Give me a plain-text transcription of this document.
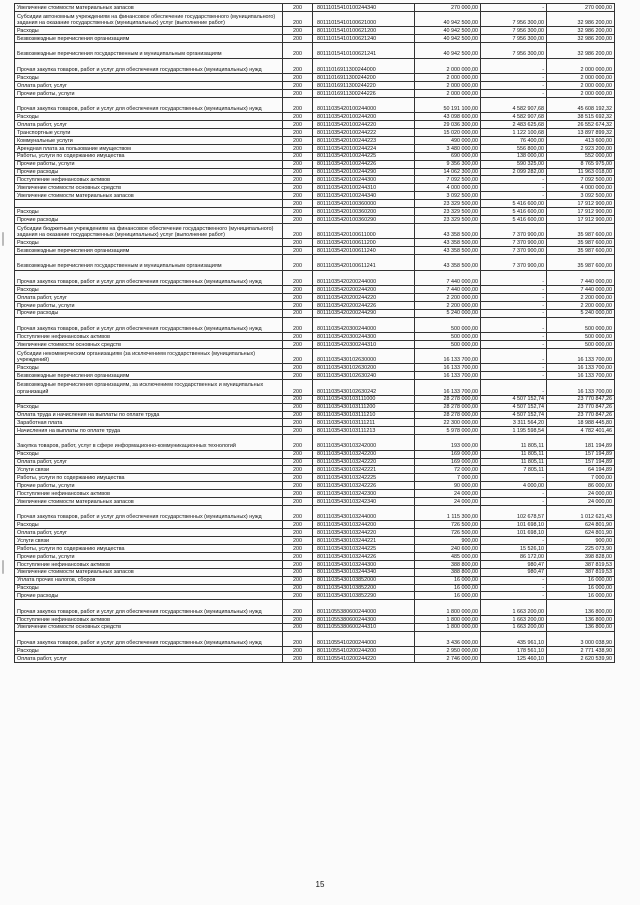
Увеличение стоимости материальных запасов	200	80111015410100244340	270 000,00	-	270 000,00
Субсидии автономным учреждениям на финансовое обеспечение государственного (муниципального) задания на оказание государственных (муниципальных) услуг (выполнение работ)	200	80111015410100621000	40 942 500,00	7 956 300,00	32 986 200,00
Расходы	200	80111015410100621200	40 942 500,00	7 956 300,00	32 986 200,00
Безвозмездные перечисления организациям	200	80111015410100621240	40 942 500,00	7 956 300,00	32 986 200,00
Безвозмездные перечисления государственным и муниципальным организациям	200	80111015410100621241	40 942 500,00	7 956 300,00	32 986 200,00
Прочая закупка товаров, работ и услуг для обеспечения государственных (муниципальных) нужд	200	80111016911300244000	2 000 000,00	-	2 000 000,00
Расходы	200	80111016911300244200	2 000 000,00	-	2 000 000,00
Оплата работ, услуг	200	80111016911300244220	2 000 000,00	-	2 000 000,00
Прочие работы, услуги	200	80111016911300244226	2 000 000,00	-	2 000 000,00
Прочая закупка товаров, работ и услуг для обеспечения государственных (муниципальных) нужд	200	80111035420100244000	50 191 100,00	4 582 907,68	45 608 192,32
Расходы	200	80111035420100244200	43 098 600,00	4 582 907,68	38 515 692,32
Оплата работ, услуг	200	80111035420100244220	29 036 300,00	2 483 625,68	26 552 674,32
Транспортные услуги	200	80111035420100244222	15 020 000,00	1 122 100,68	13 897 899,32
Коммунальные услуги	200	80111035420100244223	490 000,00	76 400,00	413 600,00
Арендная плата за пользование имуществом	200	80111035420100244224	3 480 000,00	556 800,00	2 923 200,00
Работы, услуги по содержанию имущества	200	80111035420100244225	690 000,00	138 000,00	552 000,00
Прочие работы, услуги	200	80111035420100244226	9 356 300,00	590 325,00	8 765 975,00
Прочие расходы	200	80111035420100244290	14 062 300,00	2 099 282,00	11 963 018,00
Поступление нефинансовых активов	200	80111035420100244300	7 092 500,00	-	7 092 500,00
Увеличение стоимости основных средств	200	80111035420100244310	4 000 000,00	-	4 000 000,00
Увеличение стоимости материальных запасов	200	80111035420100244340	3 092 500,00	-	3 092 500,00
	200	80111035420100360000	23 329 500,00	5 416 600,00	17 912 900,00
Расходы	200	80111035420100360200	23 329 500,00	5 416 600,00	17 912 900,00
Прочие расходы	200	80111035420100360290	23 329 500,00	5 416 600,00	17 912 900,00
Субсидии бюджетным учреждениям на финансовое обеспечение государственного (муниципального) задания на оказание государственных (муниципальных) услуг (выполнение работ)	200	80111035420100611000	43 358 500,00	7 370 900,00	35 987 600,00
Расходы	200	80111035420100611200	43 358 500,00	7 370 900,00	35 987 600,00
Безвозмездные перечисления организациям	200	80111035420100611240	43 358 500,00	7 370 900,00	35 987 600,00
Безвозмездные перечисления государственным и муниципальным организациям	200	80111035420100611241	43 358 500,00	7 370 900,00	35 987 600,00
Прочая закупка товаров, работ и услуг для обеспечения государственных (муниципальных) нужд	200	80111035420200244000	7 440 000,00	-	7 440 000,00
Расходы	200	80111035420200244200	7 440 000,00	-	7 440 000,00
Оплата работ, услуг	200	80111035420200244220	2 200 000,00	-	2 200 000,00
Прочие работы, услуги	200	80111035420200244226	2 200 000,00	-	2 200 000,00
Прочие расходы	200	80111035420200244290	5 240 000,00	-	5 240 000,00
Прочая закупка товаров, работ и услуг для обеспечения государственных (муниципальных) нужд	200	80111035420300244000	500 000,00	-	500 000,00
Поступление нефинансовых активов	200	80111035420300244300	500 000,00	-	500 000,00
Увеличение стоимости основных средств	200	80111035420300244310	500 000,00	-	500 000,00
Субсидии некоммерческим организациям (за исключением государственных (муниципальных) учреждений)	200	80111035430102630000	16 133 700,00	-	16 133 700,00
Расходы	200	80111035430102630200	16 133 700,00	-	16 133 700,00
Безвозмездные перечисления организациям	200	80111035430102630240	16 133 700,00	-	16 133 700,00
Безвозмездные перечисления организациям, за исключением государственных и муниципальных организаций	200	80111035430102630242	16 133 700,00	-	16 133 700,00
	200	80111035430103111000	28 278 000,00	4 507 152,74	23 770 847,26
Расходы	200	80111035430103111200	28 278 000,00	4 507 152,74	23 770 847,26
Оплата труда и начисления на выплаты по оплате труда	200	80111035430103111210	28 278 000,00	4 507 152,74	23 770 847,26
Заработная плата	200	80111035430103111211	22 300 000,00	3 311 564,20	18 988 445,80
Начисления на выплаты по оплате труда	200	80111035430103111213	5 978 000,00	1 195 598,54	4 782 401,46
Закупка товаров, работ, услуг в сфере информационно-коммуникационных технологий	200	80111035430103242000	193 000,00	11 805,11	181 194,89
Расходы	200	80111035430103242200	169 000,00	11 805,11	157 194,89
Оплата работ, услуг	200	80111035430103242220	169 000,00	11 805,11	157 194,89
Услуги связи	200	80111035430103242221	72 000,00	7 805,11	64 194,89
Работы, услуги по содержанию имущества	200	80111035430103242225	7 000,00	-	7 000,00
Прочие работы, услуги	200	80111035430103242226	90 000,00	4 000,00	86 000,00
Поступление нефинансовых активов	200	80111035430103242300	24 000,00	-	24 000,00
Увеличение стоимости материальных запасов	200	80111035430103242340	24 000,00	-	24 000,00
Прочая закупка товаров, работ и услуг для обеспечения государственных (муниципальных) нужд	200	80111035430103244000	1 115 300,00	102 678,57	1 012 621,43
Расходы	200	80111035430103244200	726 500,00	101 698,10	624 801,90
Оплата работ, услуг	200	80111035430103244220	726 500,00	101 698,10	624 801,90
Услуги связи	200	80111035430103244221	900,00	-	900,00
Работы, услуги по содержанию имущества	200	80111035430103244225	240 600,00	15 526,10	225 073,90
Прочие работы, услуги	200	80111035430103244226	485 000,00	86 172,00	398 828,00
Поступление нефинансовых активов	200	80111035430103244300	388 800,00	980,47	387 819,53
Увеличение стоимости материальных запасов	200	80111035430103244340	388 800,00	980,47	387 819,53
Уплата прочих налогов, сборов	200	80111035430103852000	16 000,00	-	16 000,00
Расходы	200	80111035430103852200	16 000,00	-	16 000,00
Прочие расходы	200	80111035430103852290	16 000,00	-	16 000,00
Прочая закупка товаров, работ и услуг для обеспечения государственных (муниципальных) нужд	200	80111055380600244000	1 800 000,00	1 663 200,00	136 800,00
Поступление нефинансовых активов	200	80111055380600244300	1 800 000,00	1 663 200,00	136 800,00
Увеличение стоимости основных средств	200	80111055380600244310	1 800 000,00	1 663 200,00	136 800,00
Прочая закупка товаров, работ и услуг для обеспечения государственных (муниципальных) нужд	200	80111055410200244000	3 436 000,00	435 961,10	3 000 038,90
Расходы	200	80111055410200244200	2 950 000,00	178 561,10	2 771 438,90
Оплата работ, услуг	200	80111055410200244220	2 746 000,00	125 460,10	2 620 539,90
15
